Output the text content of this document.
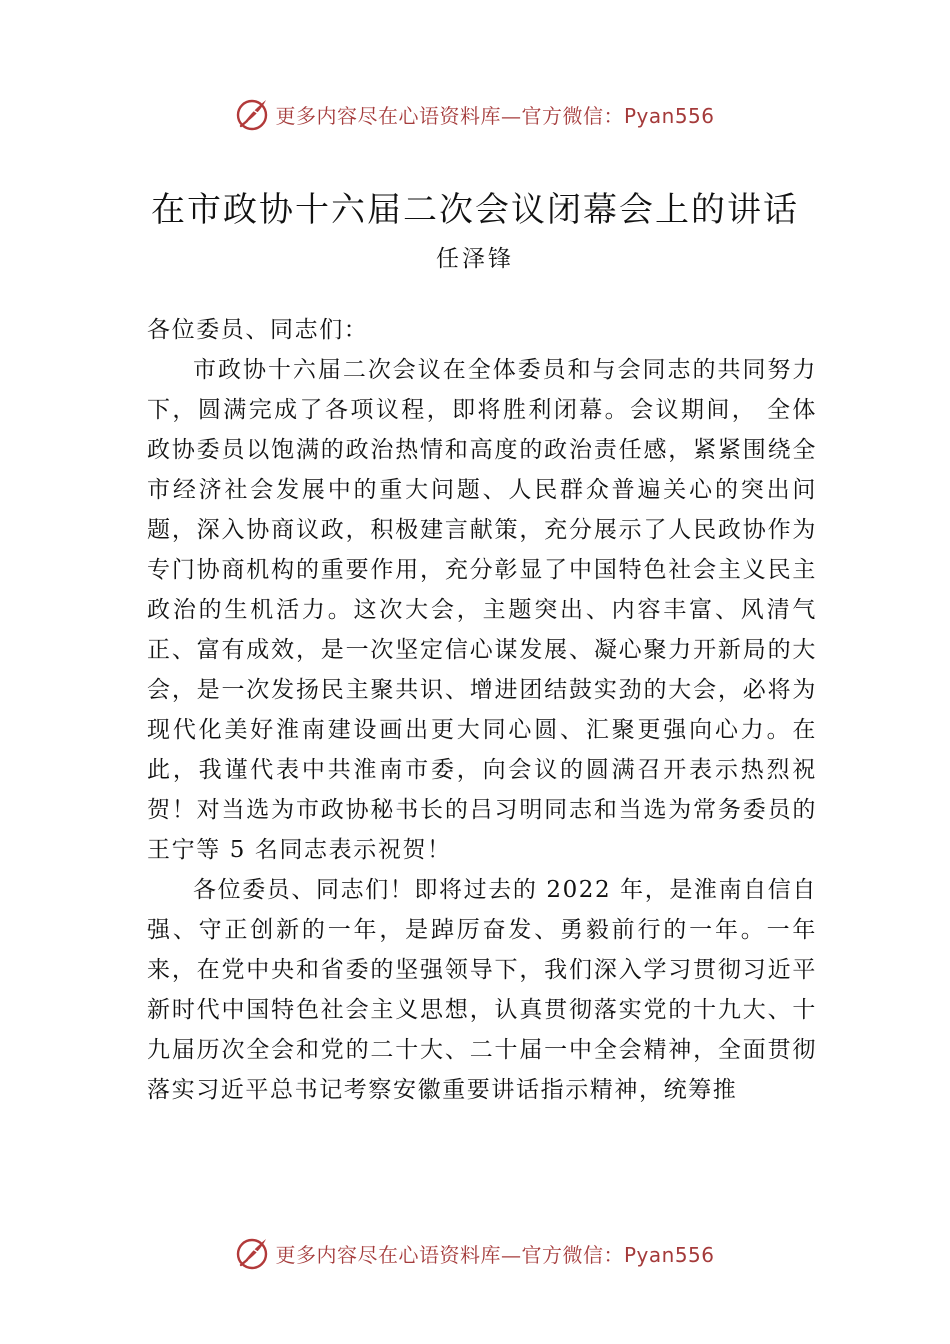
更多内容尽在心语资料库—官方微信：Pyan556
在市政协十六届二次会议闭幕会上的讲话
任泽锋

各位委员、同志们：

市政协十六届二次会议在全体委员和与会同志的共同努力下，圆满完成了各项议程，即将胜利闭幕。会议期间， 全体政协委员以饱满的政治热情和高度的政治责任感，紧紧围绕全市经济社会发展中的重大问题、人民群众普遍关心的突出问题，深入协商议政，积极建言献策，充分展示了人民政协作为专门协商机构的重要作用，充分彰显了中国特色社会主义民主政治的生机活力。这次大会，主题突出、内容丰富、风清气正、富有成效，是一次坚定信心谋发展、凝心聚力开新局的大会，是一次发扬民主聚共识、增进团结鼓实劲的大会，必将为现代化美好淮南建设画出更大同心圆、汇聚更强向心力。在此，我谨代表中共淮南市委，向会议的圆满召开表示热烈祝贺！对当选为市政协秘书长的吕习明同志和当选为常务委员的王宁等 5 名同志表示祝贺！

各位委员、同志们！即将过去的 2022 年，是淮南自信自强、守正创新的一年，是踔厉奋发、勇毅前行的一年。一年来，在党中央和省委的坚强领导下，我们深入学习贯彻习近平新时代中国特色社会主义思想，认真贯彻落实党的十九大、十九届历次全会和党的二十大、二十届一中全会精神，全面贯彻落实习近平总书记考察安徽重要讲话指示精神，统筹推

更多内容尽在心语资料库—官方微信：Pyan556
